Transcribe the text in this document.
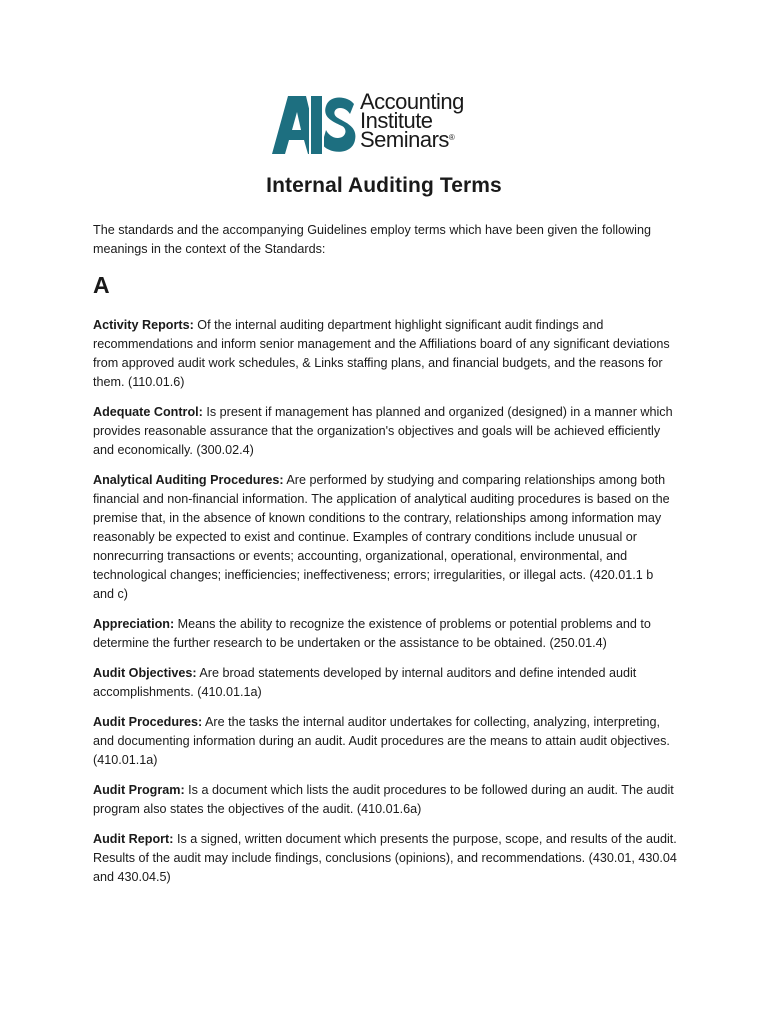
Accounting
Institute
Seminars®
Internal Auditing Terms
The standards and the accompanying Guidelines employ terms which have been given the following meanings in the context of the Standards:
A

Activity Reports: Of the internal auditing department highlight significant audit findings and recommendations and inform senior management and the Affiliations board of any significant deviations from approved audit work schedules, & Links staffing plans, and financial budgets, and the reasons for them. (110.01.6)

Adequate Control: Is present if management has planned and organized (designed) in a manner which provides reasonable assurance that the organization's objectives and goals will be achieved efficiently and economically. (300.02.4)

Analytical Auditing Procedures: Are performed by studying and comparing relationships among both financial and non-financial information. The application of analytical auditing procedures is based on the premise that, in the absence of known conditions to the contrary, relationships among information may reasonably be expected to exist and continue. Examples of contrary conditions include unusual or nonrecurring transactions or events; accounting, organizational, operational, environmental, and technological changes; inefficiencies; ineffectiveness; errors; irregularities, or illegal acts. (420.01.1 b and c)

Appreciation: Means the ability to recognize the existence of problems or potential problems and to determine the further research to be undertaken or the assistance to be obtained. (250.01.4)

Audit Objectives: Are broad statements developed by internal auditors and define intended audit accomplishments. (410.01.1a)

Audit Procedures: Are the tasks the internal auditor undertakes for collecting, analyzing, interpreting, and documenting information during an audit. Audit procedures are the means to attain audit objectives. (410.01.1a)

Audit Program: Is a document which lists the audit procedures to be followed during an audit. The audit program also states the objectives of the audit. (410.01.6a)

Audit Report: Is a signed, written document which presents the purpose, scope, and results of the audit. Results of the audit may include findings, conclusions (opinions), and recommendations. (430.01, 430.04 and 430.04.5)
